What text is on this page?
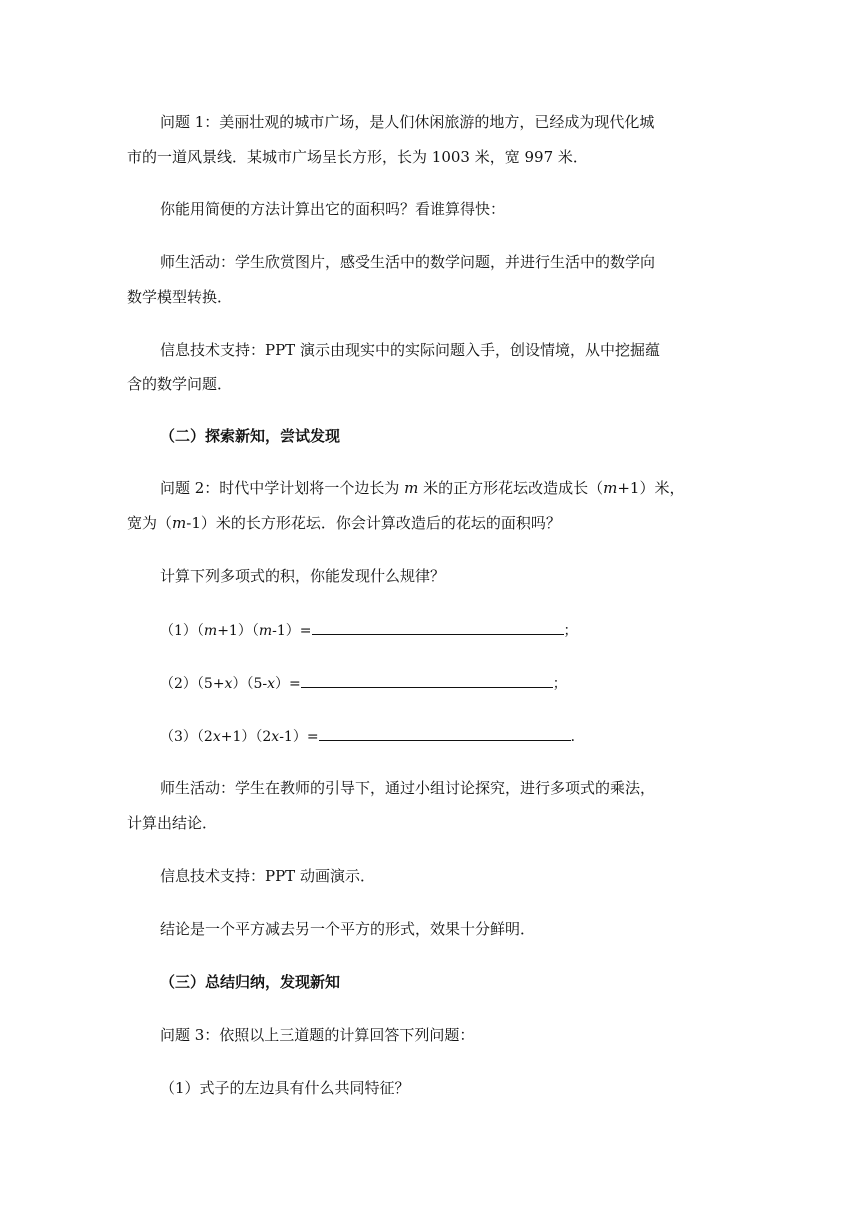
问题 1：美丽壮观的城市广场，是人们休闲旅游的地方，已经成为现代化城
市的一道风景线．某城市广场呈长方形，长为 1003 米，宽 997 米．
你能用简便的方法计算出它的面积吗？看谁算得快：
师生活动：学生欣赏图片，感受生活中的数学问题，并进行生活中的数学向
数学模型转换．
信息技术支持：PPT 演示由现实中的实际问题入手，创设情境，从中挖掘蕴
含的数学问题．
（二）探索新知，尝试发现
问题 2：时代中学计划将一个边长为 m 米的正方形花坛改造成长（m+1）米，
宽为（m-1）米的长方形花坛．你会计算改造后的花坛的面积吗？
计算下列多项式的积，你能发现什么规律？
（1）（m+1）（m-1）=	；
（2）（5+x）（5-x）=	；
（3）（2x+1）（2x-1）=	．
师生活动：学生在教师的引导下，通过小组讨论探究，进行多项式的乘法，
计算出结论．
信息技术支持：PPT 动画演示．
结论是一个平方减去另一个平方的形式，效果十分鲜明．
（三）总结归纳，发现新知
问题 3：依照以上三道题的计算回答下列问题：
（1）式子的左边具有什么共同特征？
